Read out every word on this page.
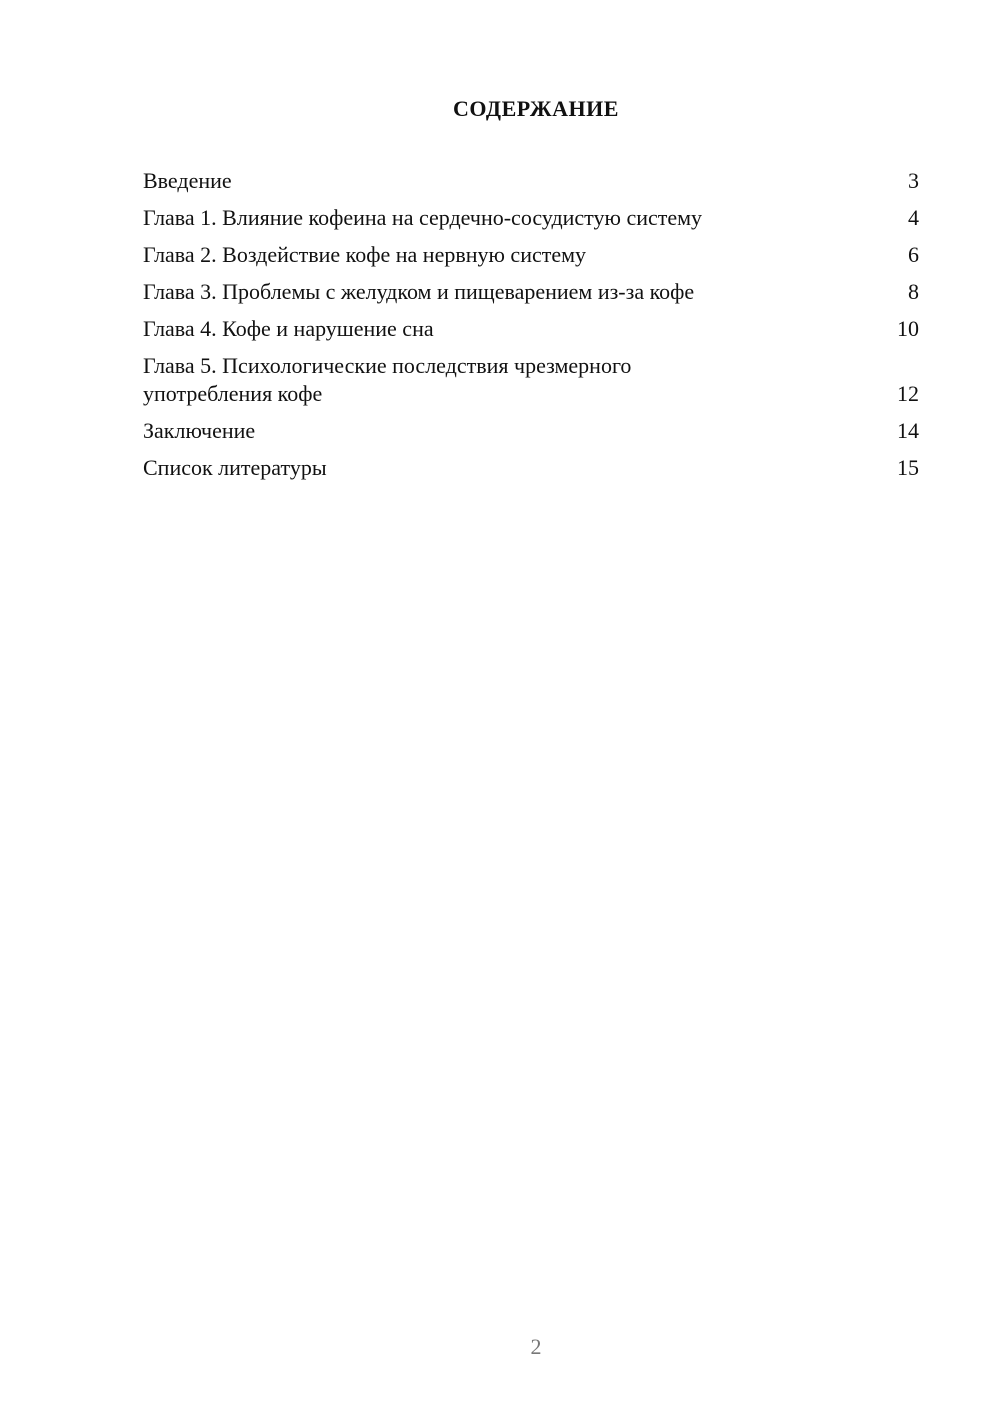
СОДЕРЖАНИЕ
Введение	3
Глава 1. Влияние кофеина на сердечно-сосудистую систему	4
Глава 2. Воздействие кофе на нервную систему	6
Глава 3. Проблемы с желудком и пищеварением из-за кофе	8
Глава 4. Кофе и нарушение сна	10
Глава 5. Психологические последствия чрезмерного употребления кофе	12
Заключение	14
Список литературы	15
2
